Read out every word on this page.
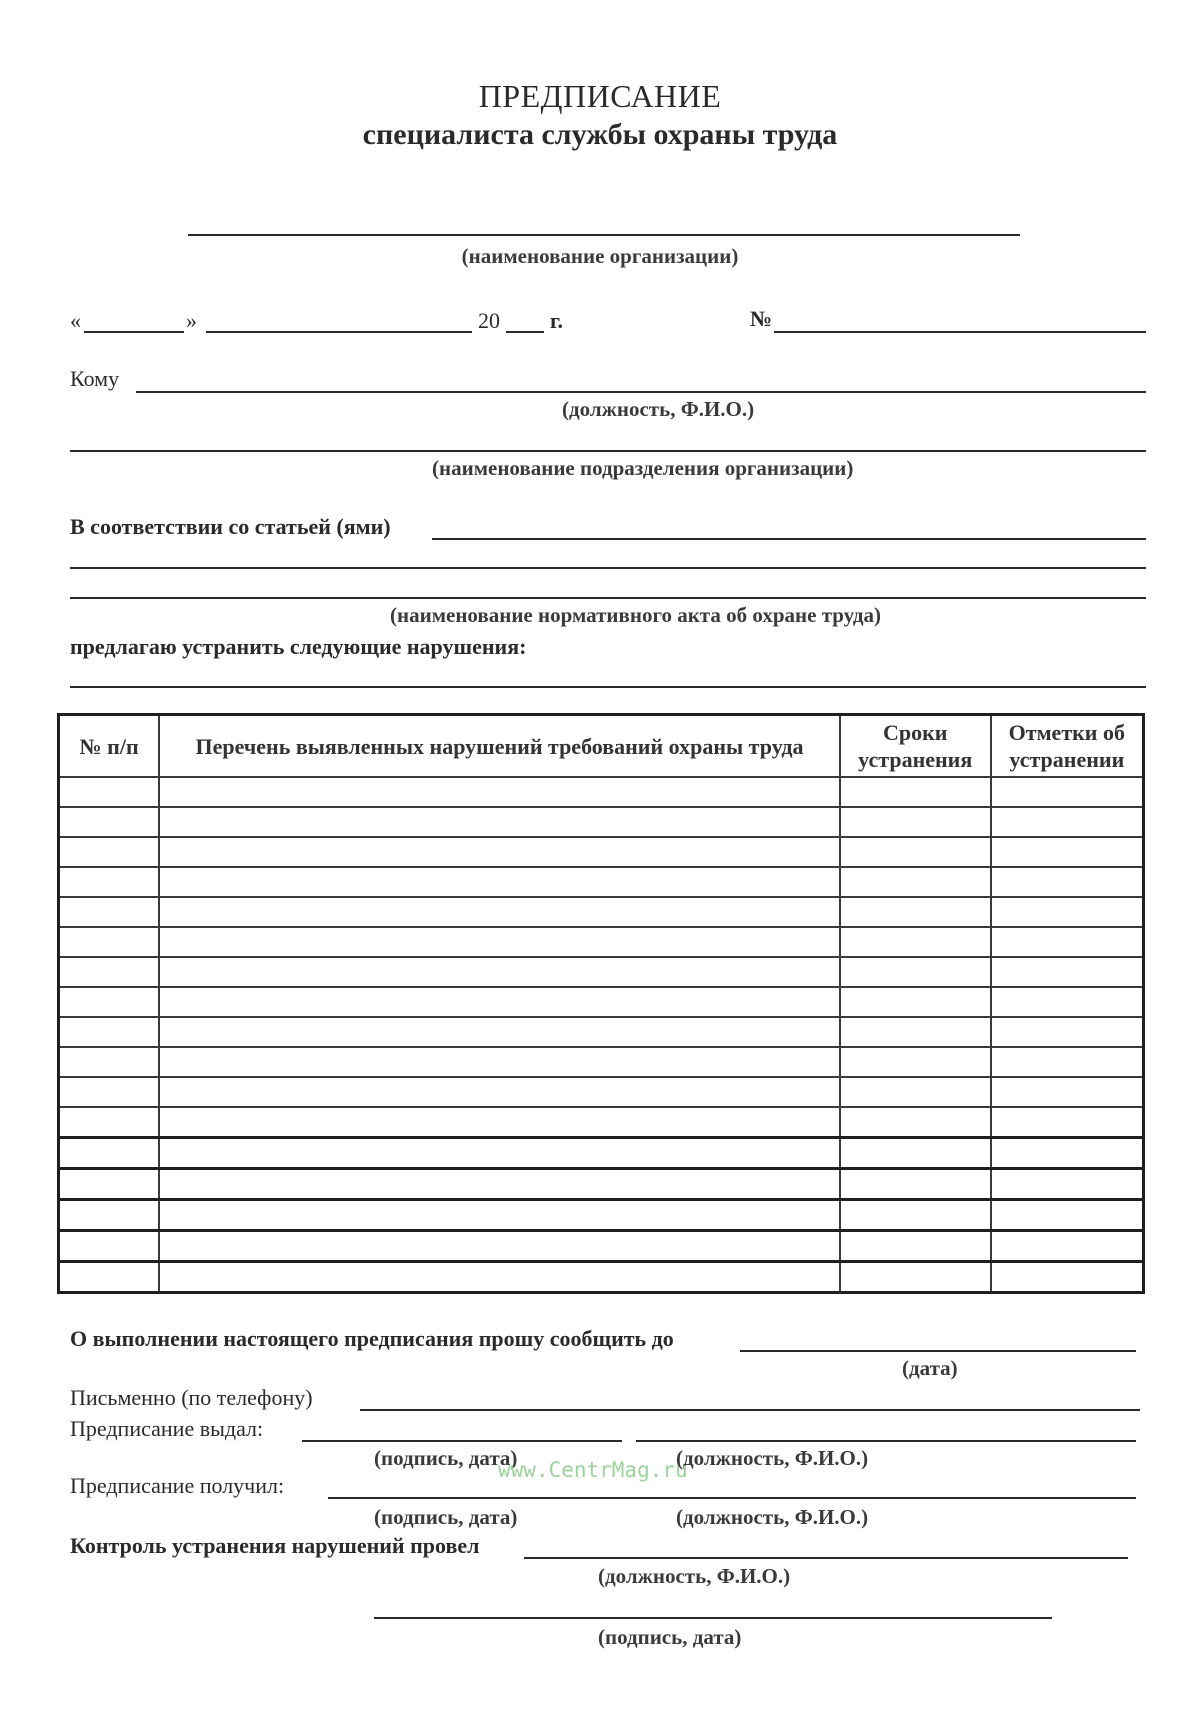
ПРЕДПИСАНИЕ
специалиста службы охраны труда
(наименование организации)
«	»	20 г.	№
Кому
(должность, Ф.И.О.)
(наименование подразделения организации)
В соответствии со статьей (ями)
(наименование нормативного акта об охране труда)
предлагаю устранить следующие нарушения:
№ п/п	Перечень выявленных нарушений требований охраны труда	Сроки устранения	Отметки об устранении

О выполнении настоящего предписания прошу сообщить до
(дата)
Письменно (по телефону)
Предписание выдал:
(подпись, дата)	(должность, Ф.И.О.)
Предписание получил:
(подпись, дата)	(должность, Ф.И.О.)
Контроль устранения нарушений провел
(должность, Ф.И.О.)
(подпись, дата)
www.CentrMag.ru
